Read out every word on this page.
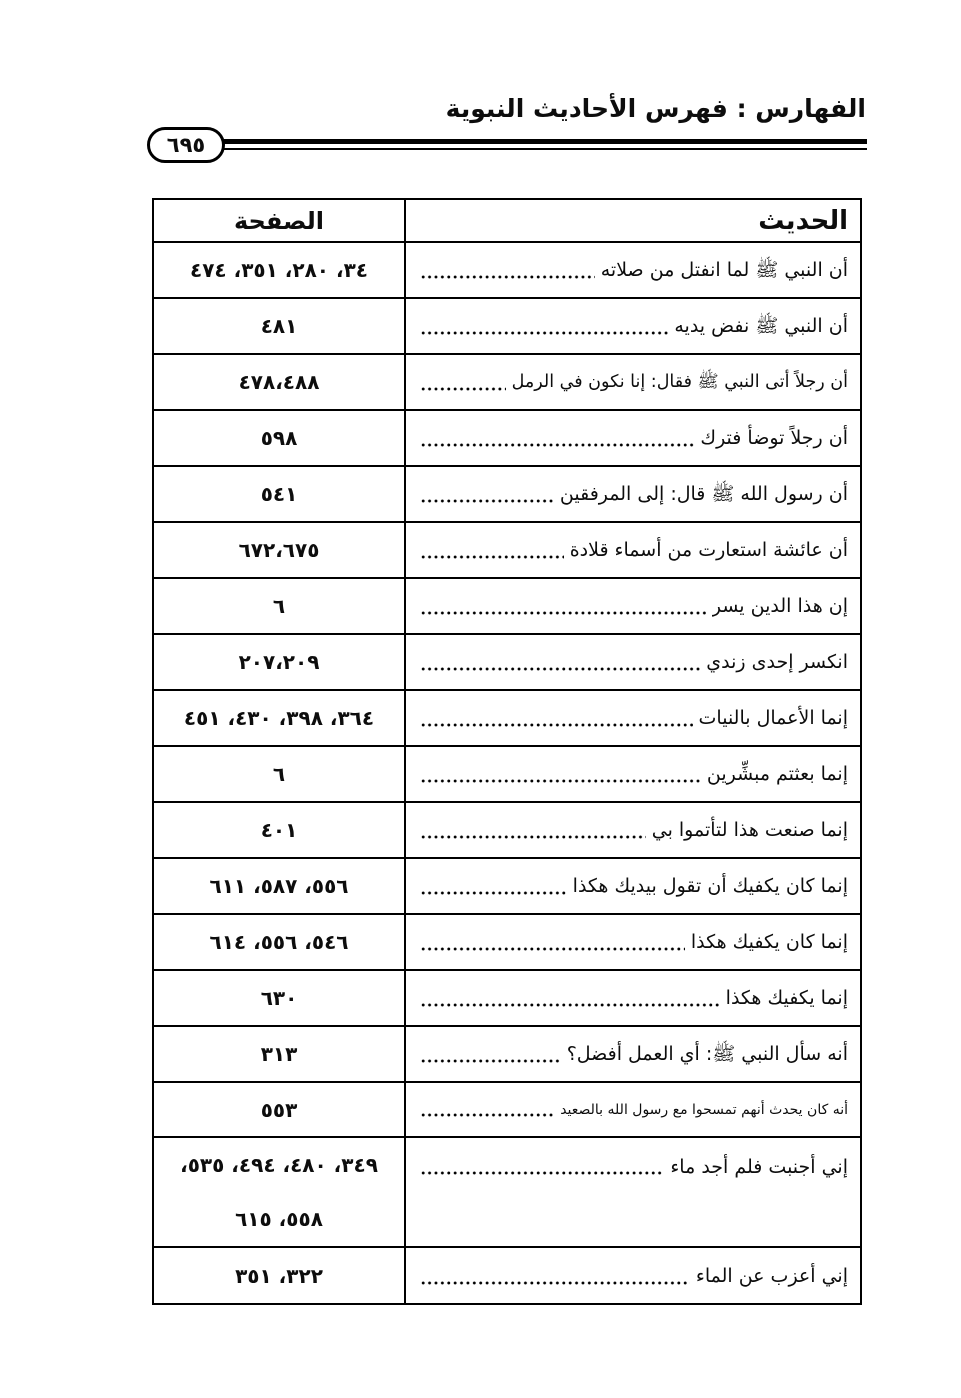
الفهارس : فهرس الأحاديث النبوية
٦٩٥
الحديث
الصفحة
أن النبي ﷺ لما انفتل من صلاته
٣٤، ٢٨٠، ٣٥١، ٤٧٤
أن النبي ﷺ نفض يديه
٤٨١
أن رجلاً أتى النبي ﷺ فقال: إنا نكون في الرمل
٤٧٨،٤٨٨
أن رجلاً توضأ فترك
٥٩٨
أن رسول الله ﷺ قال: إلى المرفقين
٥٤١
أن عائشة استعارت من أسماء قلادة
٦٧٢،٦٧٥
إن هذا الدين يسر
٦
انكسر إحدى زندي
٢٠٧،٢٠٩
إنما الأعمال بالنيات
٣٦٤، ٣٩٨، ٤٣٠، ٤٥١
إنما بعثتم مبشِّرين
٦
إنما صنعت هذا لتأتموا بي
٤٠١
إنما كان يكفيك أن تقول بيديك هكذا
٥٥٦، ٥٨٧، ٦١١
إنما كان يكفيك هكذا
٥٤٦، ٥٥٦، ٦١٤
إنما يكفيك هكذا
٦٣٠
أنه سأل النبي ﷺ: أي العمل أفضل؟
٣١٣
أنه كان يحدث أنهم تمسحوا مع رسول الله بالصعيد
٥٥٣
إني أجنبت فلم أجد ماء
٣٤٩، ٤٨٠، ٤٩٤، ٥٣٥،
٥٥٨، ٦١٥
إني أعزب عن الماء
٣٢٢، ٣٥١
